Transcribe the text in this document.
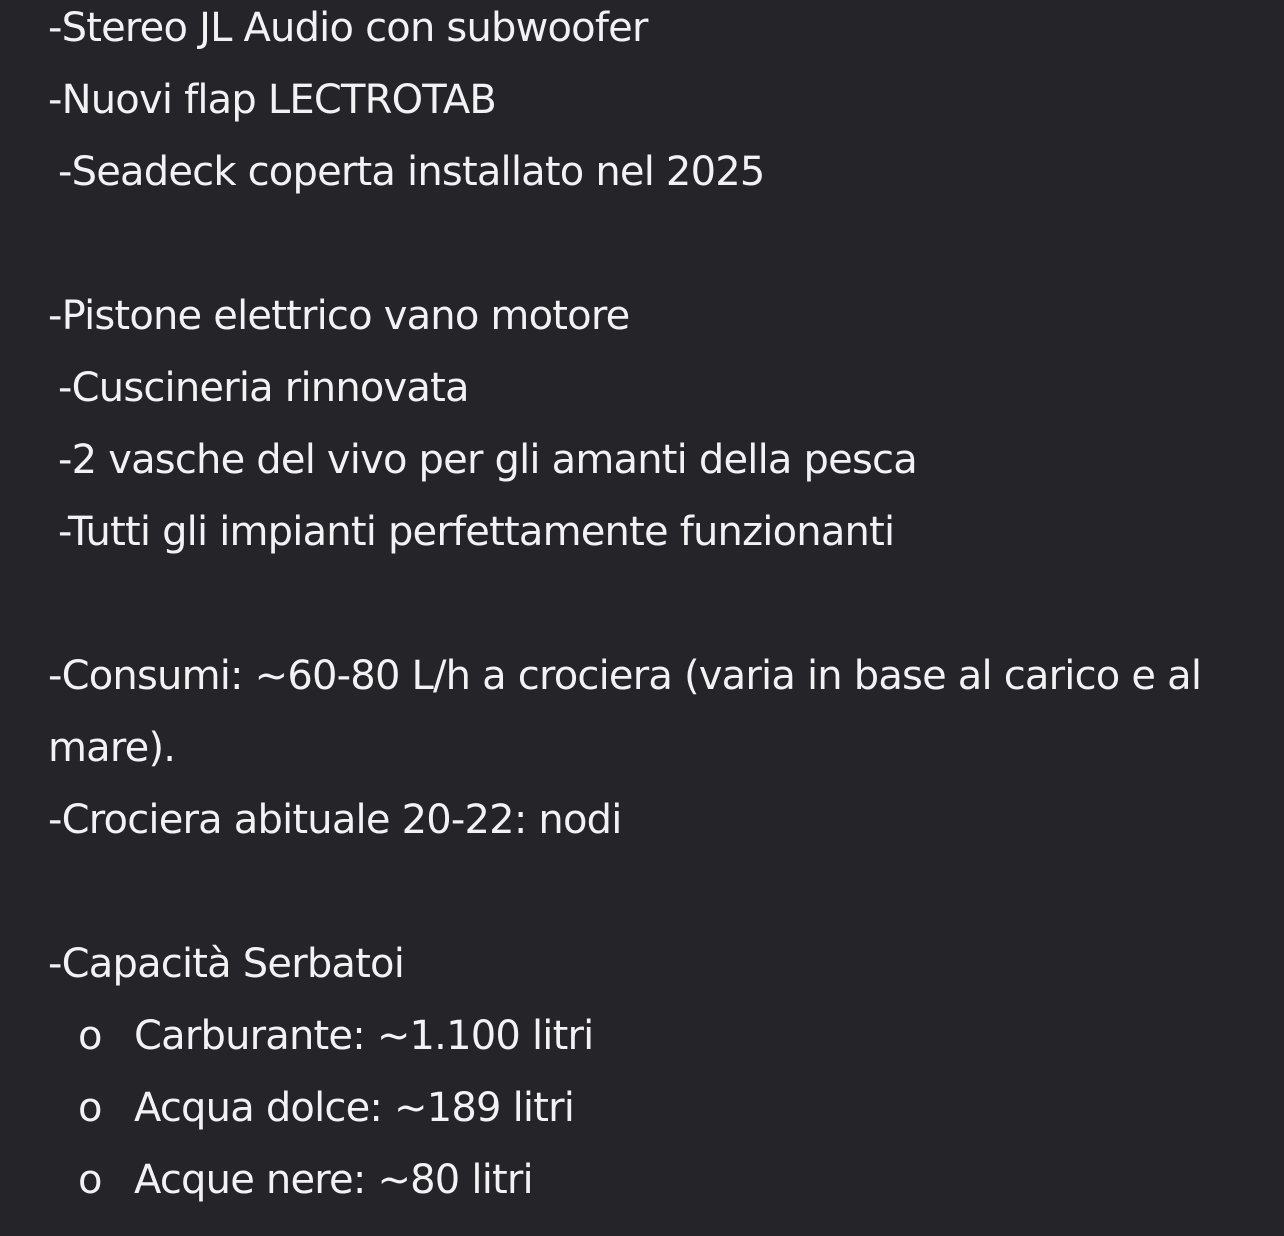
-Stereo JL Audio con subwoofer
-Nuovi flap LECTROTAB
-Seadeck coperta installato nel 2025
-Pistone elettrico vano motore
-Cuscineria rinnovata
-2 vasche del vivo per gli amanti della pesca
-Tutti gli impianti perfettamente funzionanti
-Consumi: ~60-80 L/h a crociera (varia in base al carico e al mare).
-Crociera abituale 20-22: nodi
-Capacità Serbatoi
o Carburante: ~1.100 litri
o Acqua dolce: ~189 litri
o Acque nere: ~80 litri
